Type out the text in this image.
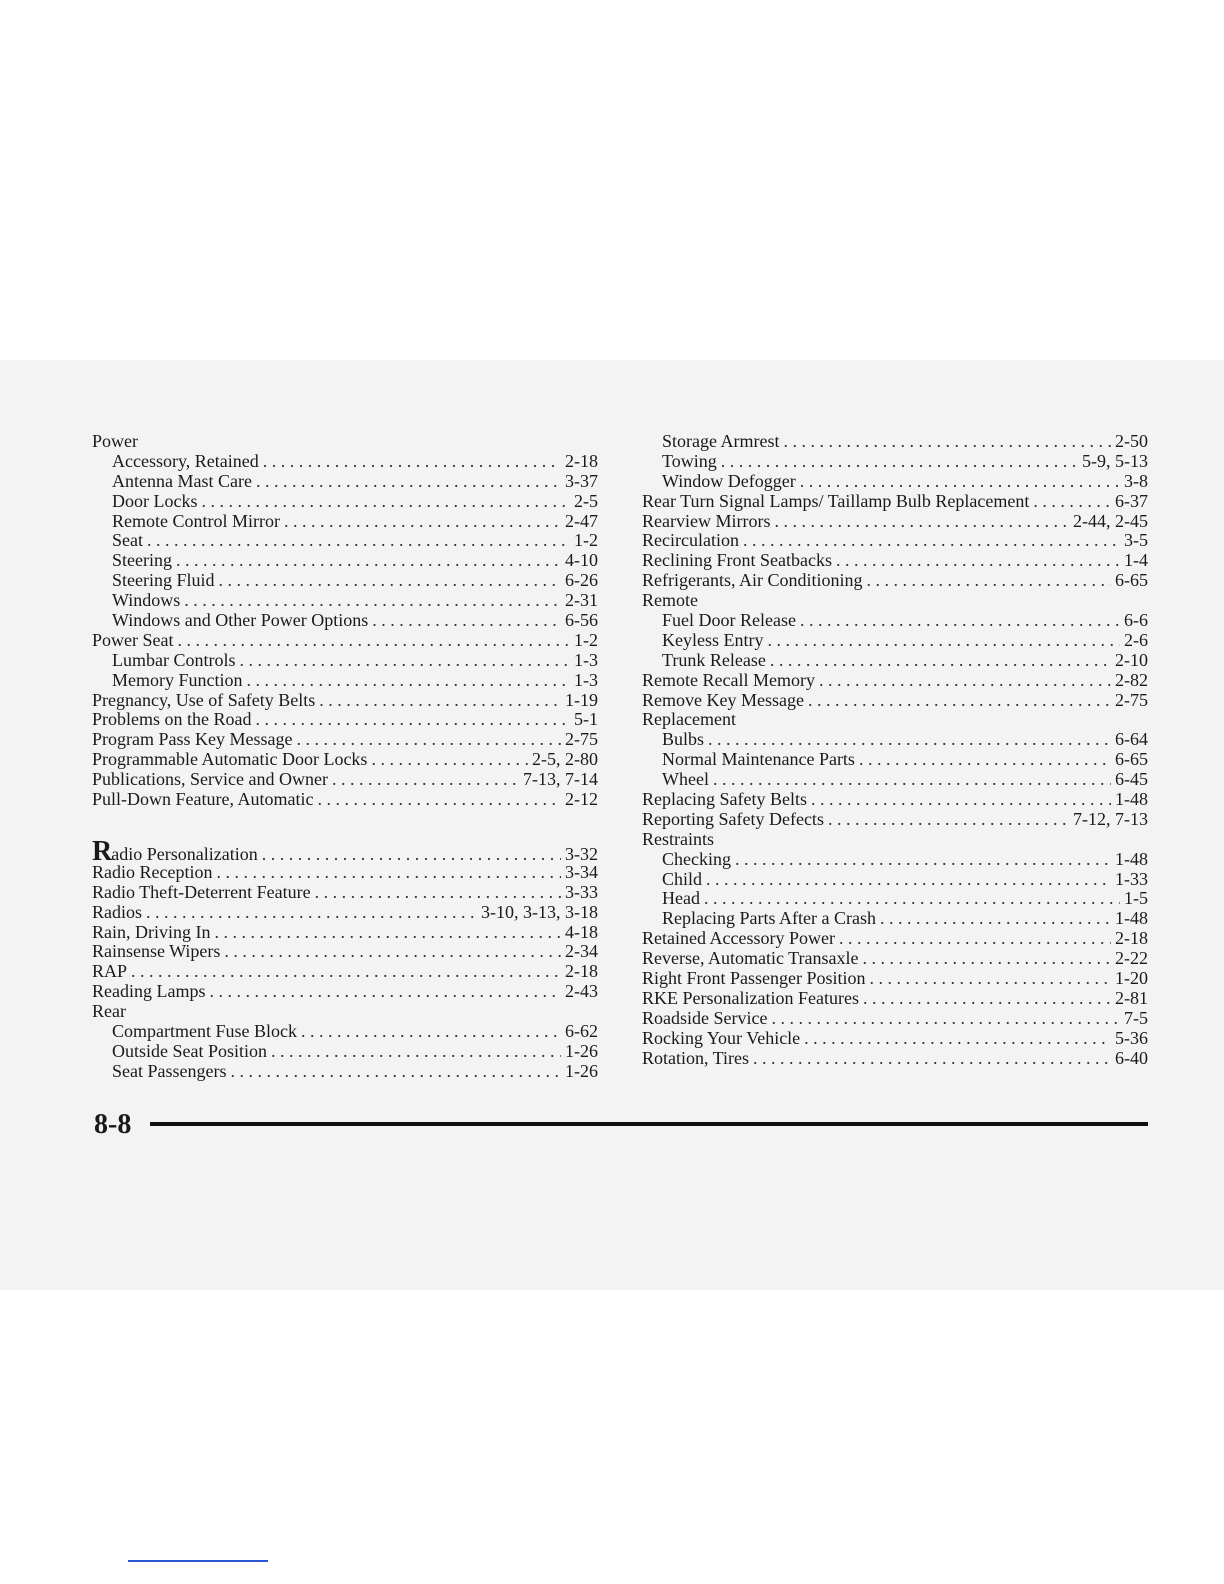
Power
Accessory, Retained . . .	2-18
Antenna Mast Care . . .	3-37
Door Locks . . .	2-5
Remote Control Mirror . . .	2-47
Seat . . .	1-2
Steering . . .	4-10
Steering Fluid . . .	6-26
Windows . . .	2-31
Windows and Other Power Options . . .	6-56
Power Seat . . .	1-2
Lumbar Controls . . .	1-3
Memory Function . . .	1-3
Pregnancy, Use of Safety Belts . . .	1-19
Problems on the Road . . .	5-1
Program Pass Key Message . . .	2-75
Programmable Automatic Door Locks . . .	2-5, 2-80
Publications, Service and Owner . . .	7-13, 7-14
Pull-Down Feature, Automatic . . .	2-12
Radio Personalization . . .	3-32
Radio Reception . . .	3-34
Radio Theft-Deterrent Feature . . .	3-33
Radios . . .	3-10, 3-13, 3-18
Rain, Driving In . . .	4-18
Rainsense Wipers . . .	2-34
RAP . . .	2-18
Reading Lamps . . .	2-43
Rear
Compartment Fuse Block . . .	6-62
Outside Seat Position . . .	1-26
Seat Passengers . . .	1-26
Storage Armrest . . .	2-50
Towing . . .	5-9, 5-13
Window Defogger . . .	3-8
Rear Turn Signal Lamps/ Taillamp Bulb Replacement . . .	6-37
Rearview Mirrors . . .	2-44, 2-45
Recirculation . . .	3-5
Reclining Front Seatbacks . . .	1-4
Refrigerants, Air Conditioning . . .	6-65
Remote
Fuel Door Release . . .	6-6
Keyless Entry . . .	2-6
Trunk Release . . .	2-10
Remote Recall Memory . . .	2-82
Remove Key Message . . .	2-75
Replacement
Bulbs . . .	6-64
Normal Maintenance Parts . . .	6-65
Wheel . . .	6-45
Replacing Safety Belts . . .	1-48
Reporting Safety Defects . . .	7-12, 7-13
Restraints
Checking . . .	1-48
Child . . .	1-33
Head . . .	1-5
Replacing Parts After a Crash . . .	1-48
Retained Accessory Power . . .	2-18
Reverse, Automatic Transaxle . . .	2-22
Right Front Passenger Position . . .	1-20
RKE Personalization Features . . .	2-81
Roadside Service . . .	7-5
Rocking Your Vehicle . . .	5-36
Rotation, Tires . . .	6-40
8-8
